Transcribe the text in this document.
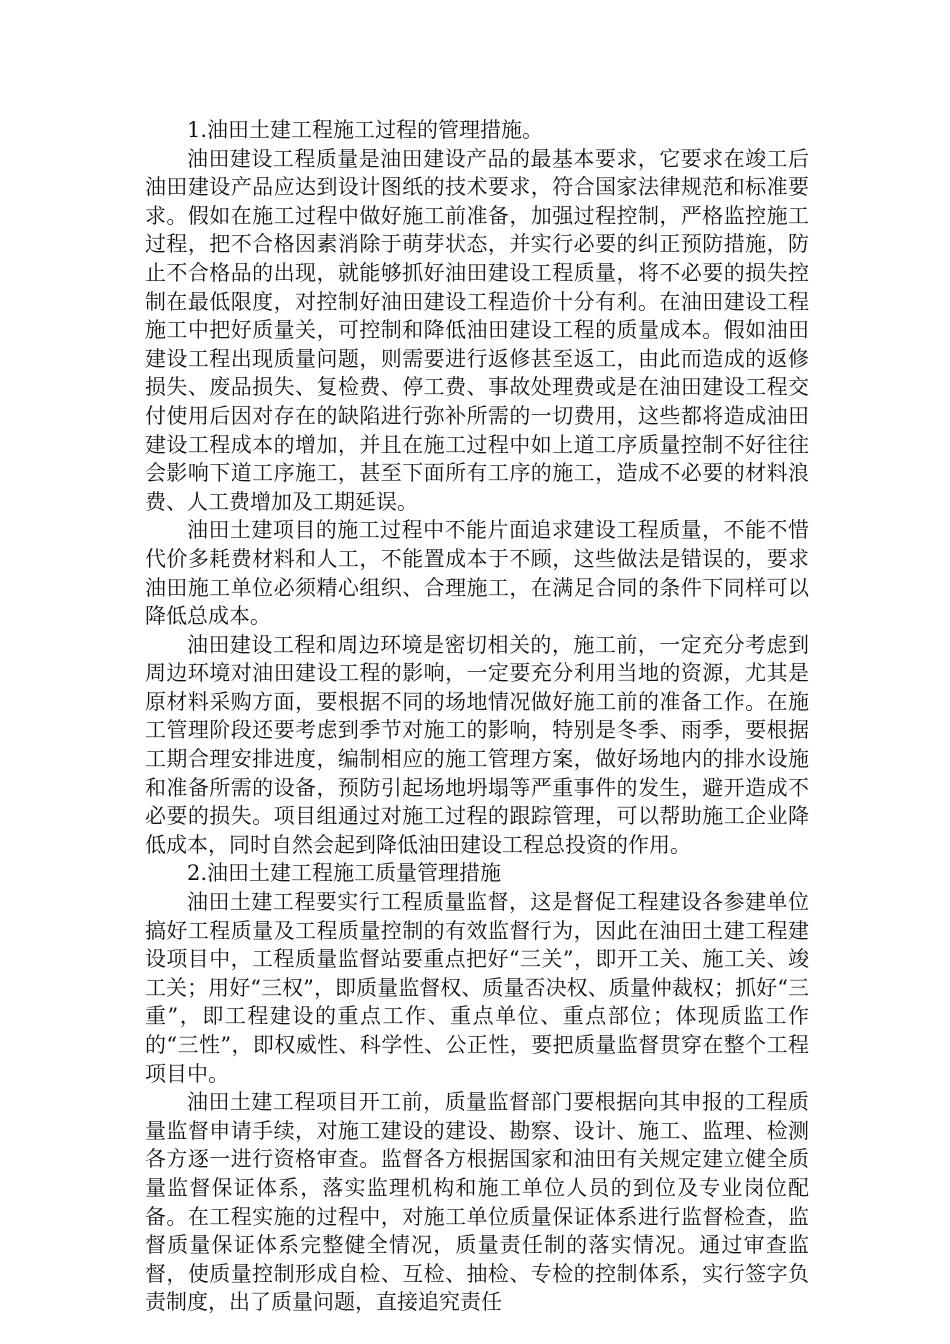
1.油田土建工程施工过程的管理措施。

油田建设工程质量是油田建设产品的最基本要求，它要求在竣工后油田建设产品应达到设计图纸的技术要求，符合国家法律规范和标准要求。假如在施工过程中做好施工前准备，加强过程控制，严格监控施工过程，把不合格因素消除于萌芽状态，并实行必要的纠正预防措施，防止不合格品的出现，就能够抓好油田建设工程质量，将不必要的损失控制在最低限度，对控制好油田建设工程造价十分有利。在油田建设工程施工中把好质量关，可控制和降低油田建设工程的质量成本。假如油田建设工程出现质量问题，则需要进行返修甚至返工，由此而造成的返修损失、废品损失、复检费、停工费、事故处理费或是在油田建设工程交付使用后因对存在的缺陷进行弥补所需的一切费用，这些都将造成油田建设工程成本的增加，并且在施工过程中如上道工序质量控制不好往往会影响下道工序施工，甚至下面所有工序的施工，造成不必要的材料浪费、人工费增加及工期延误。

油田土建项目的施工过程中不能片面追求建设工程质量，不能不惜代价多耗费材料和人工，不能置成本于不顾，这些做法是错误的，要求油田施工单位必须精心组织、合理施工，在满足合同的条件下同样可以降低总成本。

油田建设工程和周边环境是密切相关的，施工前，一定充分考虑到周边环境对油田建设工程的影响，一定要充分利用当地的资源，尤其是原材料采购方面，要根据不同的场地情况做好施工前的准备工作。在施工管理阶段还要考虑到季节对施工的影响，特别是冬季、雨季，要根据工期合理安排进度，编制相应的施工管理方案，做好场地内的排水设施和准备所需的设备，预防引起场地坍塌等严重事件的发生，避开造成不必要的损失。项目组通过对施工过程的跟踪管理，可以帮助施工企业降低成本，同时自然会起到降低油田建设工程总投资的作用。

2.油田土建工程施工质量管理措施

油田土建工程要实行工程质量监督，这是督促工程建设各参建单位搞好工程质量及工程质量控制的有效监督行为，因此在油田土建工程建设项目中，工程质量监督站要重点把好“三关”，即开工关、施工关、竣工关；用好“三权”，即质量监督权、质量否决权、质量仲裁权；抓好“三重”，即工程建设的重点工作、重点单位、重点部位；体现质监工作的“三性”，即权威性、科学性、公正性，要把质量监督贯穿在整个工程项目中。

油田土建工程项目开工前，质量监督部门要根据向其申报的工程质量监督申请手续，对施工建设的建设、勘察、设计、施工、监理、检测各方逐一进行资格审查。监督各方根据国家和油田有关规定建立健全质量监督保证体系，落实监理机构和施工单位人员的到位及专业岗位配备。在工程实施的过程中，对施工单位质量保证体系进行监督检查，监督质量保证体系完整健全情况，质量责任制的落实情况。通过审查监督，使质量控制形成自检、互检、抽检、专检的控制体系，实行签字负责制度，出了质量问题，直接追究责任
